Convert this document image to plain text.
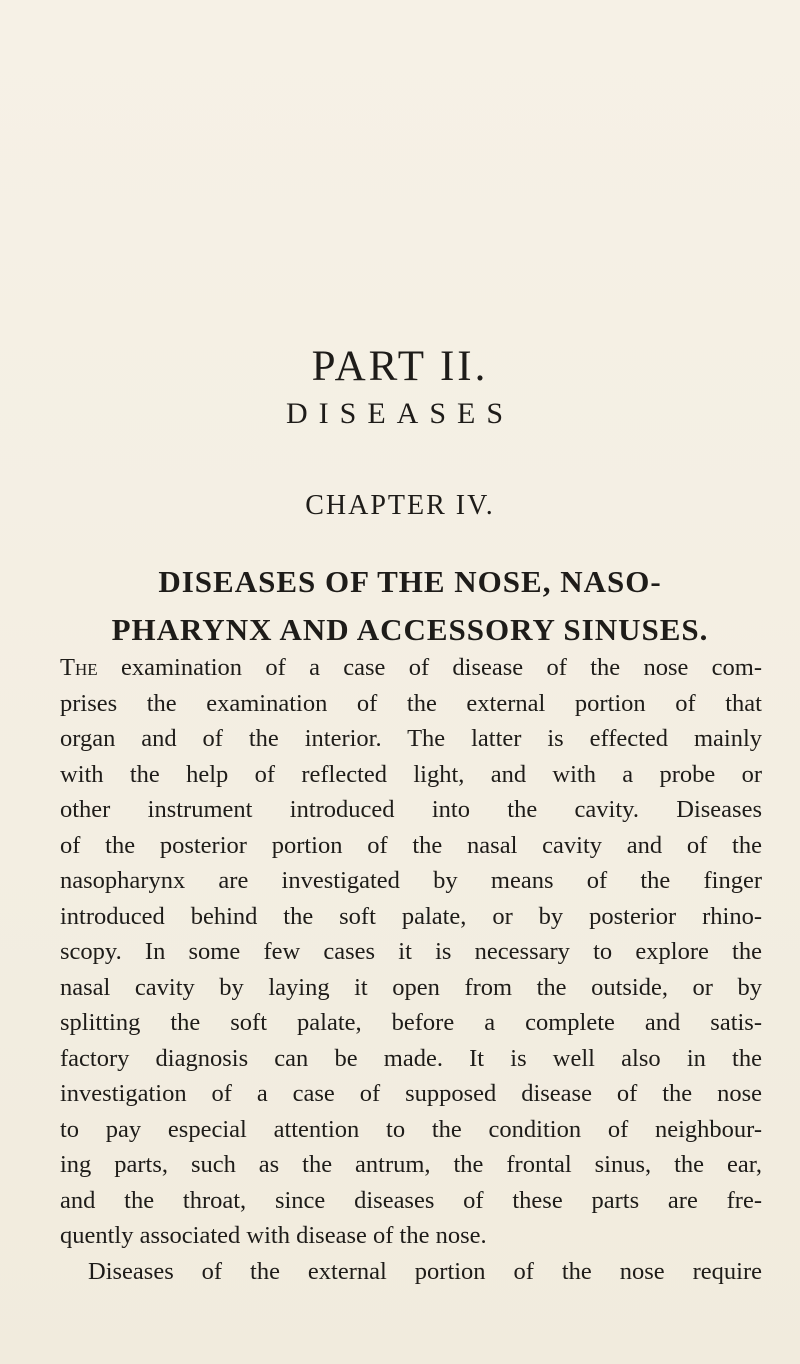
PART II.
DISEASES
CHAPTER IV.
DISEASES OF THE NOSE, NASO-
PHARYNX AND ACCESSORY SINUSES.
The examination of a case of disease of the nose com-
prises the examination of the external portion of that
organ and of the interior. The latter is effected mainly
with the help of reflected light, and with a probe or
other instrument introduced into the cavity. Diseases
of the posterior portion of the nasal cavity and of the
nasopharynx are investigated by means of the finger
introduced behind the soft palate, or by posterior rhino-
scopy. In some few cases it is necessary to explore the
nasal cavity by laying it open from the outside, or by
splitting the soft palate, before a complete and satis-
factory diagnosis can be made. It is well also in the
investigation of a case of supposed disease of the nose
to pay especial attention to the condition of neighbour-
ing parts, such as the antrum, the frontal sinus, the ear,
and the throat, since diseases of these parts are fre-
quently associated with disease of the nose.
Diseases of the external portion of the nose require
